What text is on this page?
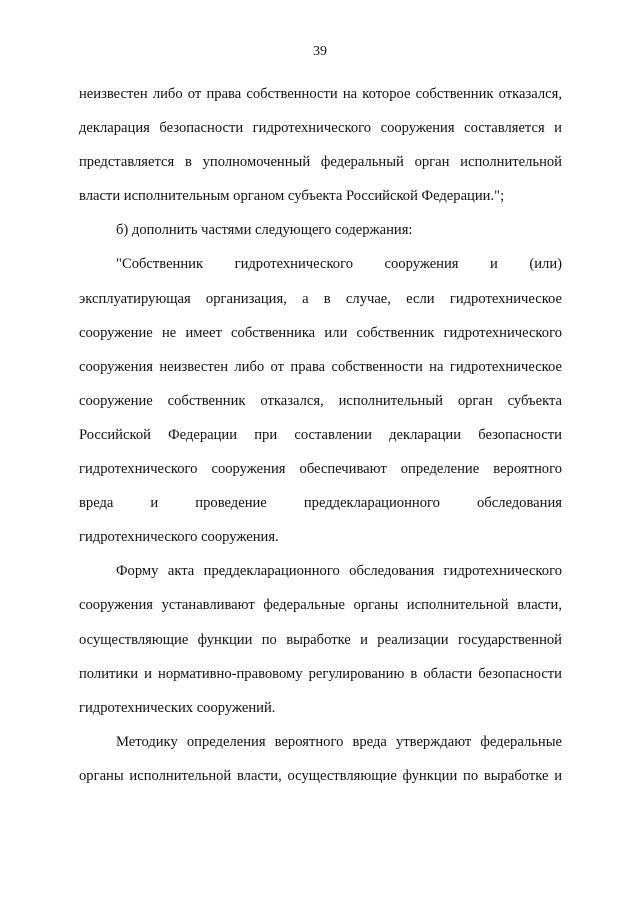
39
неизвестен либо от права собственности на которое собственник отказался,
декларация безопасности гидротехнического сооружения составляется и
представляется в уполномоченный федеральный орган исполнительной
власти исполнительным органом субъекта Российской Федерации.";
б) дополнить частями следующего содержания:
"Собственник гидротехнического сооружения и (или)
эксплуатирующая организация, а в случае, если гидротехническое
сооружение не имеет собственника или собственник гидротехнического
сооружения неизвестен либо от права собственности на гидротехническое
сооружение собственник отказался, исполнительный орган субъекта
Российской Федерации при составлении декларации безопасности
гидротехнического сооружения обеспечивают определение вероятного
вреда и проведение преддекларационного обследования
гидротехнического сооружения.
Форму акта преддекларационного обследования гидротехнического
сооружения устанавливают федеральные органы исполнительной власти,
осуществляющие функции по выработке и реализации государственной
политики и нормативно-правовому регулированию в области безопасности
гидротехнических сооружений.
Методику определения вероятного вреда утверждают федеральные
органы исполнительной власти, осуществляющие функции по выработке и
